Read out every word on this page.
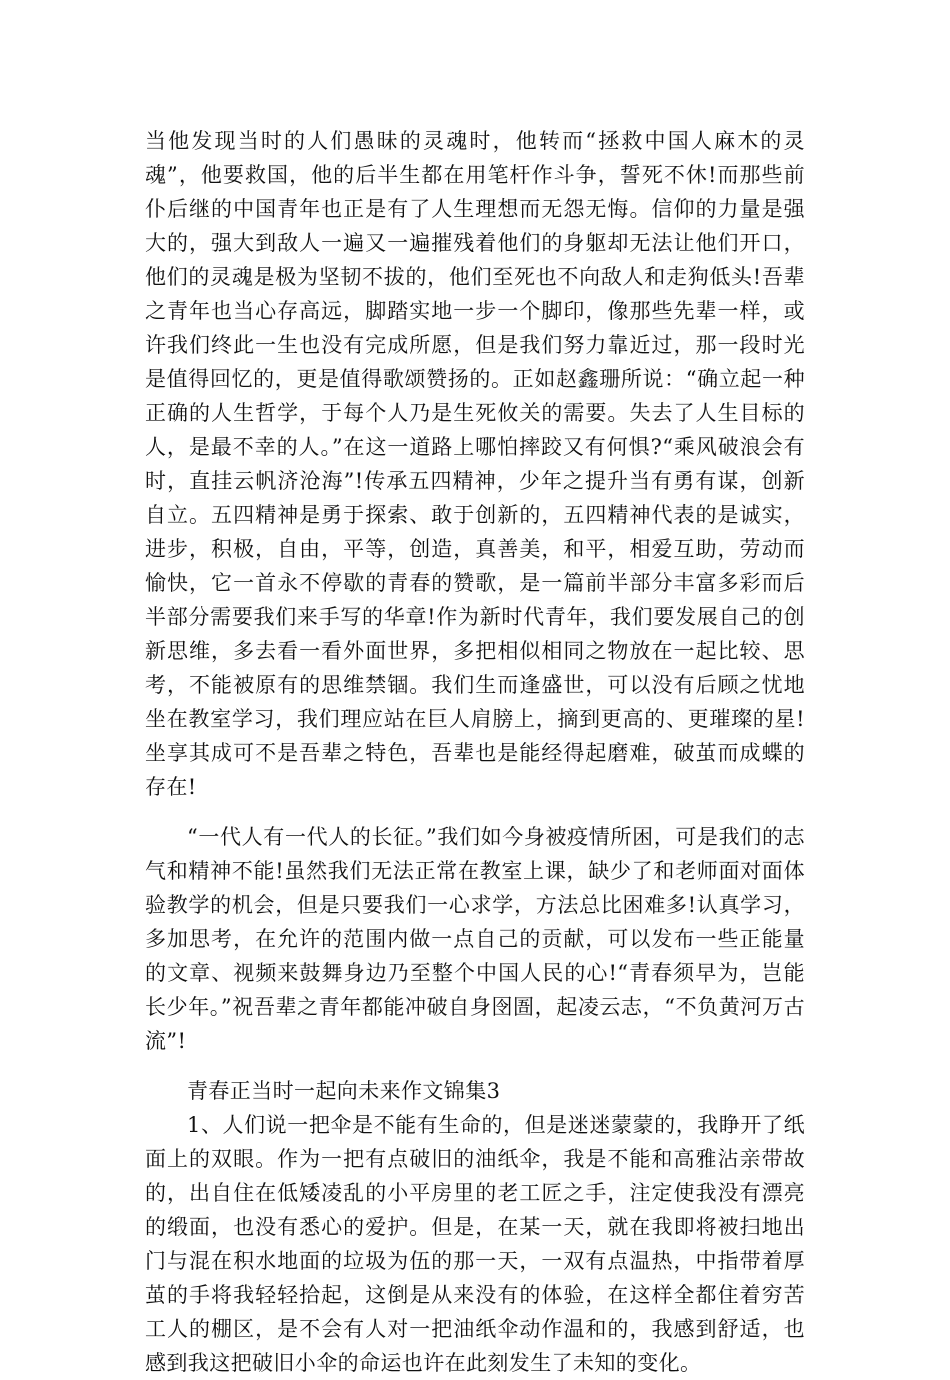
当他发现当时的人们愚昧的灵魂时，他转而“拯救中国人麻木的灵魂”，他要救国，他的后半生都在用笔杆作斗争，誓死不休!而那些前仆后继的中国青年也正是有了人生理想而无怨无悔。信仰的力量是强大的，强大到敌人一遍又一遍摧残着他们的身躯却无法让他们开口，他们的灵魂是极为坚韧不拔的，他们至死也不向敌人和走狗低头!吾辈之青年也当心存高远，脚踏实地一步一个脚印，像那些先辈一样，或许我们终此一生也没有完成所愿，但是我们努力靠近过，那一段时光是值得回忆的，更是值得歌颂赞扬的。正如赵鑫珊所说：“确立起一种正确的人生哲学，于每个人乃是生死攸关的需要。失去了人生目标的人，是最不幸的人。”在这一道路上哪怕摔跤又有何惧?“乘风破浪会有时，直挂云帆济沧海”!传承五四精神，少年之提升当有勇有谋，创新自立。五四精神是勇于探索、敢于创新的，五四精神代表的是诚实，进步，积极，自由，平等，创造，真善美，和平，相爱互助，劳动而愉快，它一首永不停歇的青春的赞歌，是一篇前半部分丰富多彩而后半部分需要我们来手写的华章!作为新时代青年，我们要发展自己的创新思维，多去看一看外面世界，多把相似相同之物放在一起比较、思考，不能被原有的思维禁锢。我们生而逢盛世，可以没有后顾之忧地坐在教室学习，我们理应站在巨人肩膀上，摘到更高的、更璀璨的星!坐享其成可不是吾辈之特色，吾辈也是能经得起磨难，破茧而成蝶的存在!

“一代人有一代人的长征。”我们如今身被疫情所困，可是我们的志气和精神不能!虽然我们无法正常在教室上课，缺少了和老师面对面体验教学的机会，但是只要我们一心求学，方法总比困难多!认真学习，多加思考，在允许的范围内做一点自己的贡献，可以发布一些正能量的文章、视频来鼓舞身边乃至整个中国人民的心!“青春须早为，岂能长少年。”祝吾辈之青年都能冲破自身囹圄，起凌云志，“不负黄河万古流”!

青春正当时一起向未来作文锦集3

1、人们说一把伞是不能有生命的，但是迷迷蒙蒙的，我睁开了纸面上的双眼。作为一把有点破旧的油纸伞，我是不能和高雅沾亲带故的，出自住在低矮凌乱的小平房里的老工匠之手，注定使我没有漂亮的缎面，也没有悉心的爱护。但是，在某一天，就在我即将被扫地出门与混在积水地面的垃圾为伍的那一天，一双有点温热，中指带着厚茧的手将我轻轻拾起，这倒是从来没有的体验，在这样全都住着穷苦工人的棚区，是不会有人对一把油纸伞动作温和的，我感到舒适，也感到我这把破旧小伞的命运也许在此刻发生了未知的变化。
